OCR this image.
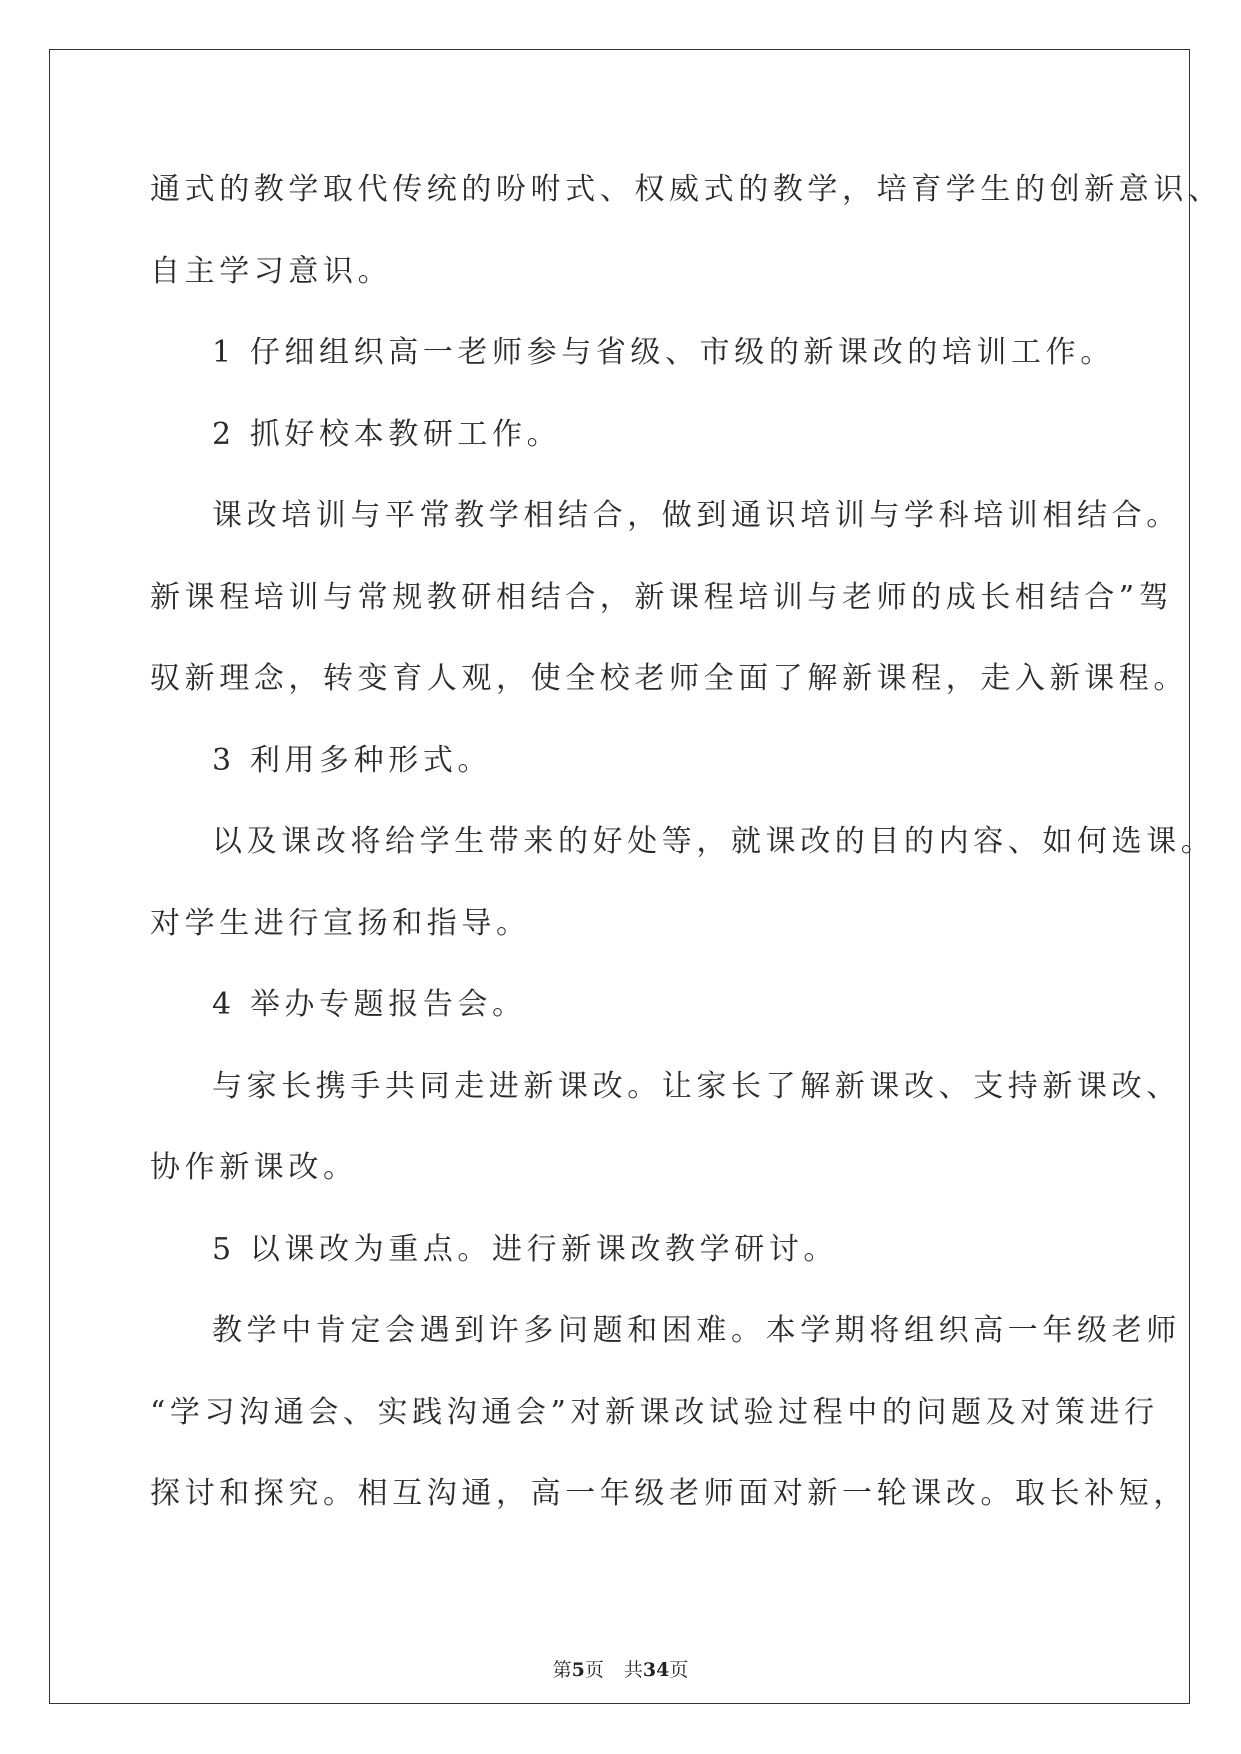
通式的教学取代传统的吩咐式、权威式的教学，培育学生的创新意识、
自主学习意识。
1 仔细组织高一老师参与省级、市级的新课改的培训工作。
2 抓好校本教研工作。
课改培训与平常教学相结合，做到通识培训与学科培训相结合。
新课程培训与常规教研相结合，新课程培训与老师的成长相结合”驾
驭新理念，转变育人观，使全校老师全面了解新课程，走入新课程。
3 利用多种形式。
以及课改将给学生带来的好处等，就课改的目的内容、如何选课。
对学生进行宣扬和指导。
4 举办专题报告会。
与家长携手共同走进新课改。让家长了解新课改、支持新课改、
协作新课改。
5 以课改为重点。进行新课改教学研讨。
教学中肯定会遇到许多问题和困难。本学期将组织高一年级老师
“学习沟通会、实践沟通会”对新课改试验过程中的问题及对策进行
探讨和探究。相互沟通，高一年级老师面对新一轮课改。取长补短，
第5页 共34页
